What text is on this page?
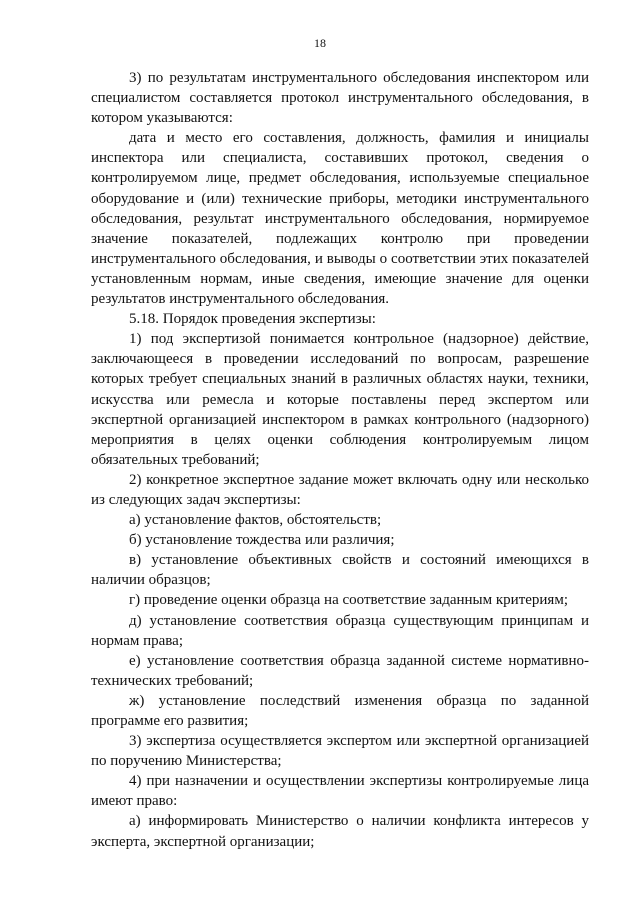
18

3) по результатам инструментального обследования инспектором или специалистом составляется протокол инструментального обследования, в котором указываются:

дата и место его составления, должность, фамилия и инициалы инспектора или специалиста, составивших протокол, сведения о контролируемом лице, предмет обследования, используемые специальное оборудование и (или) технические приборы, методики инструментального обследования, результат инструментального обследования, нормируемое значение показателей, подлежащих контролю при проведении инструментального обследования, и выводы о соответствии этих показателей установленным нормам, иные сведения, имеющие значение для оценки результатов инструментального обследования.

5.18. Порядок проведения экспертизы:

1) под экспертизой понимается контрольное (надзорное) действие, заключающееся в проведении исследований по вопросам, разрешение которых требует специальных знаний в различных областях науки, техники, искусства или ремесла и которые поставлены перед экспертом или экспертной организацией инспектором в рамках контрольного (надзорного) мероприятия в целях оценки соблюдения контролируемым лицом обязательных требований;

2) конкретное экспертное задание может включать одну или несколько из следующих задач экспертизы:

а) установление фактов, обстоятельств;

б) установление тождества или различия;

в) установление объективных свойств и состояний имеющихся в наличии образцов;

г) проведение оценки образца на соответствие заданным критериям;

д) установление соответствия образца существующим принципам и нормам права;

е) установление соответствия образца заданной системе нормативно-технических требований;

ж) установление последствий изменения образца по заданной программе его развития;

3) экспертиза осуществляется экспертом или экспертной организацией по поручению Министерства;

4) при назначении и осуществлении экспертизы контролируемые лица имеют право:

а) информировать Министерство о наличии конфликта интересов у эксперта, экспертной организации;
